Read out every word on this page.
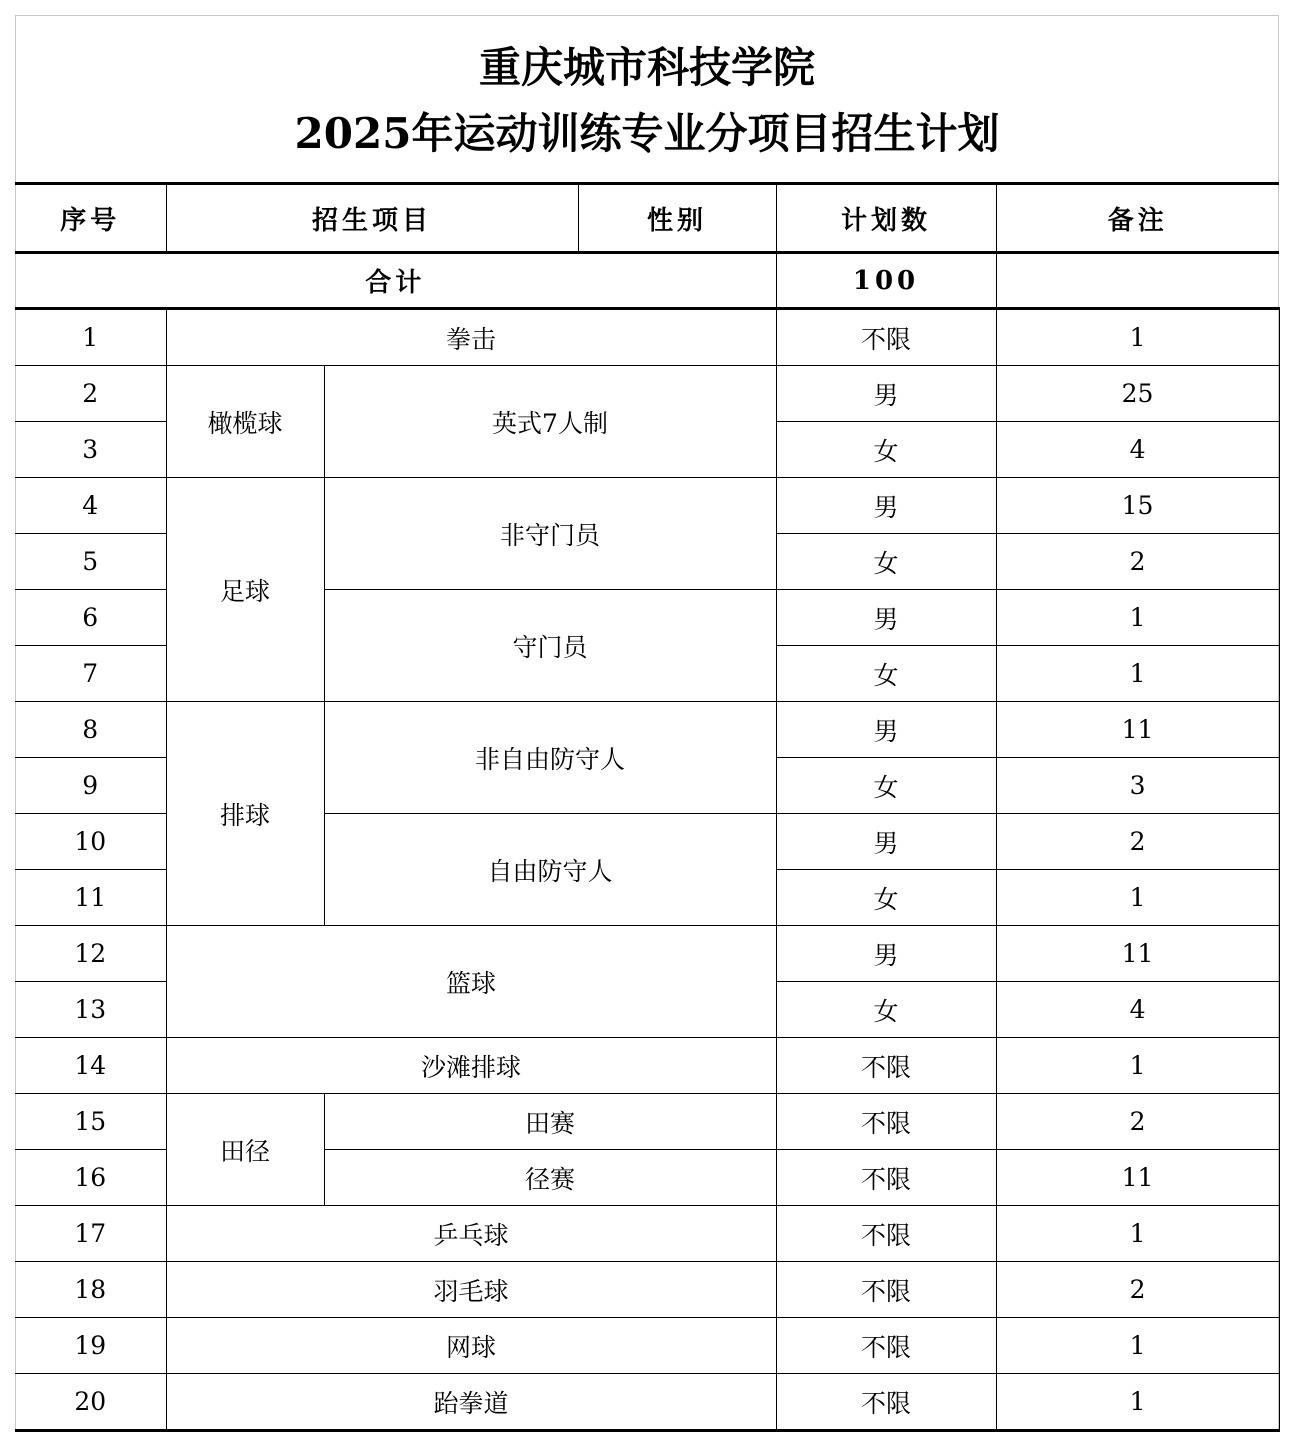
重庆城市科技学院
2025年运动训练专业分项目招生计划
序号	招生项目		性别	计划数	备注	
合计				100		
1	拳击			不限	1	
2	橄榄球	英式7人制		男	25	
3				女	4	
4	足球	非守门员		男	15	
5				女	2	
6		守门员		男	1	
7				女	1	
8	排球	非自由防守人		男	11	
9				女	3	
10		自由防守人		男	2	
11				女	1	
12	篮球			男	11	
13				女	4	
14	沙滩排球			不限	1	
15	田径	田赛		不限	2	
16		径赛		不限	11	
17	乒乓球			不限	1	
18	羽毛球			不限	2	
19	网球			不限	1	
20	跆拳道			不限	1	
